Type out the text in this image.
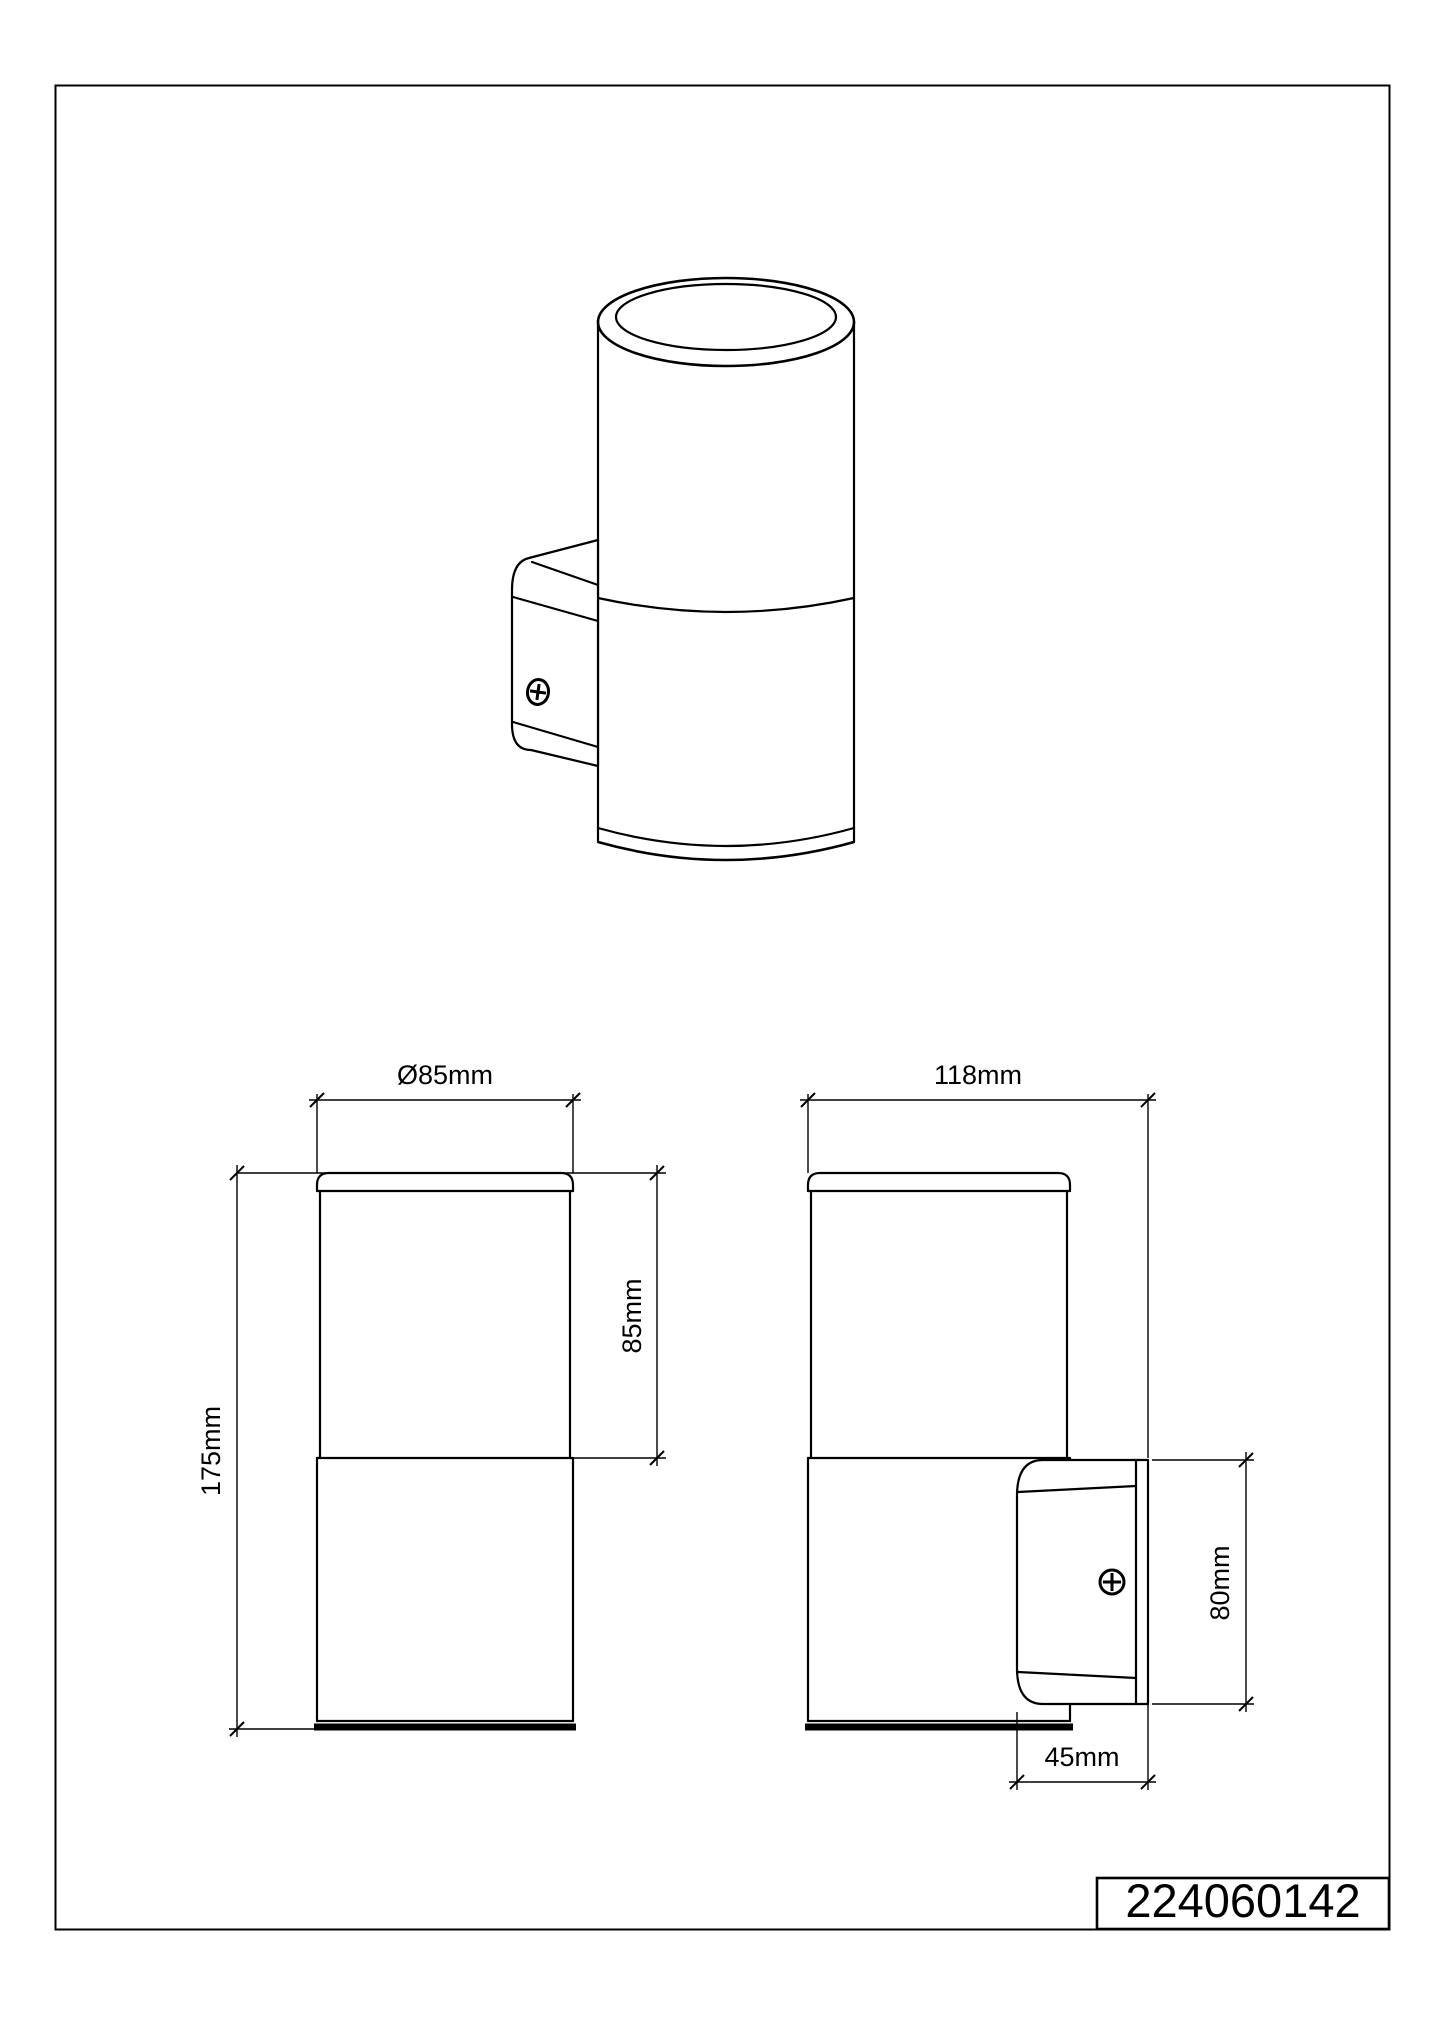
Ø85mm
175mm
85mm
118mm
80mm
45mm
224060142
